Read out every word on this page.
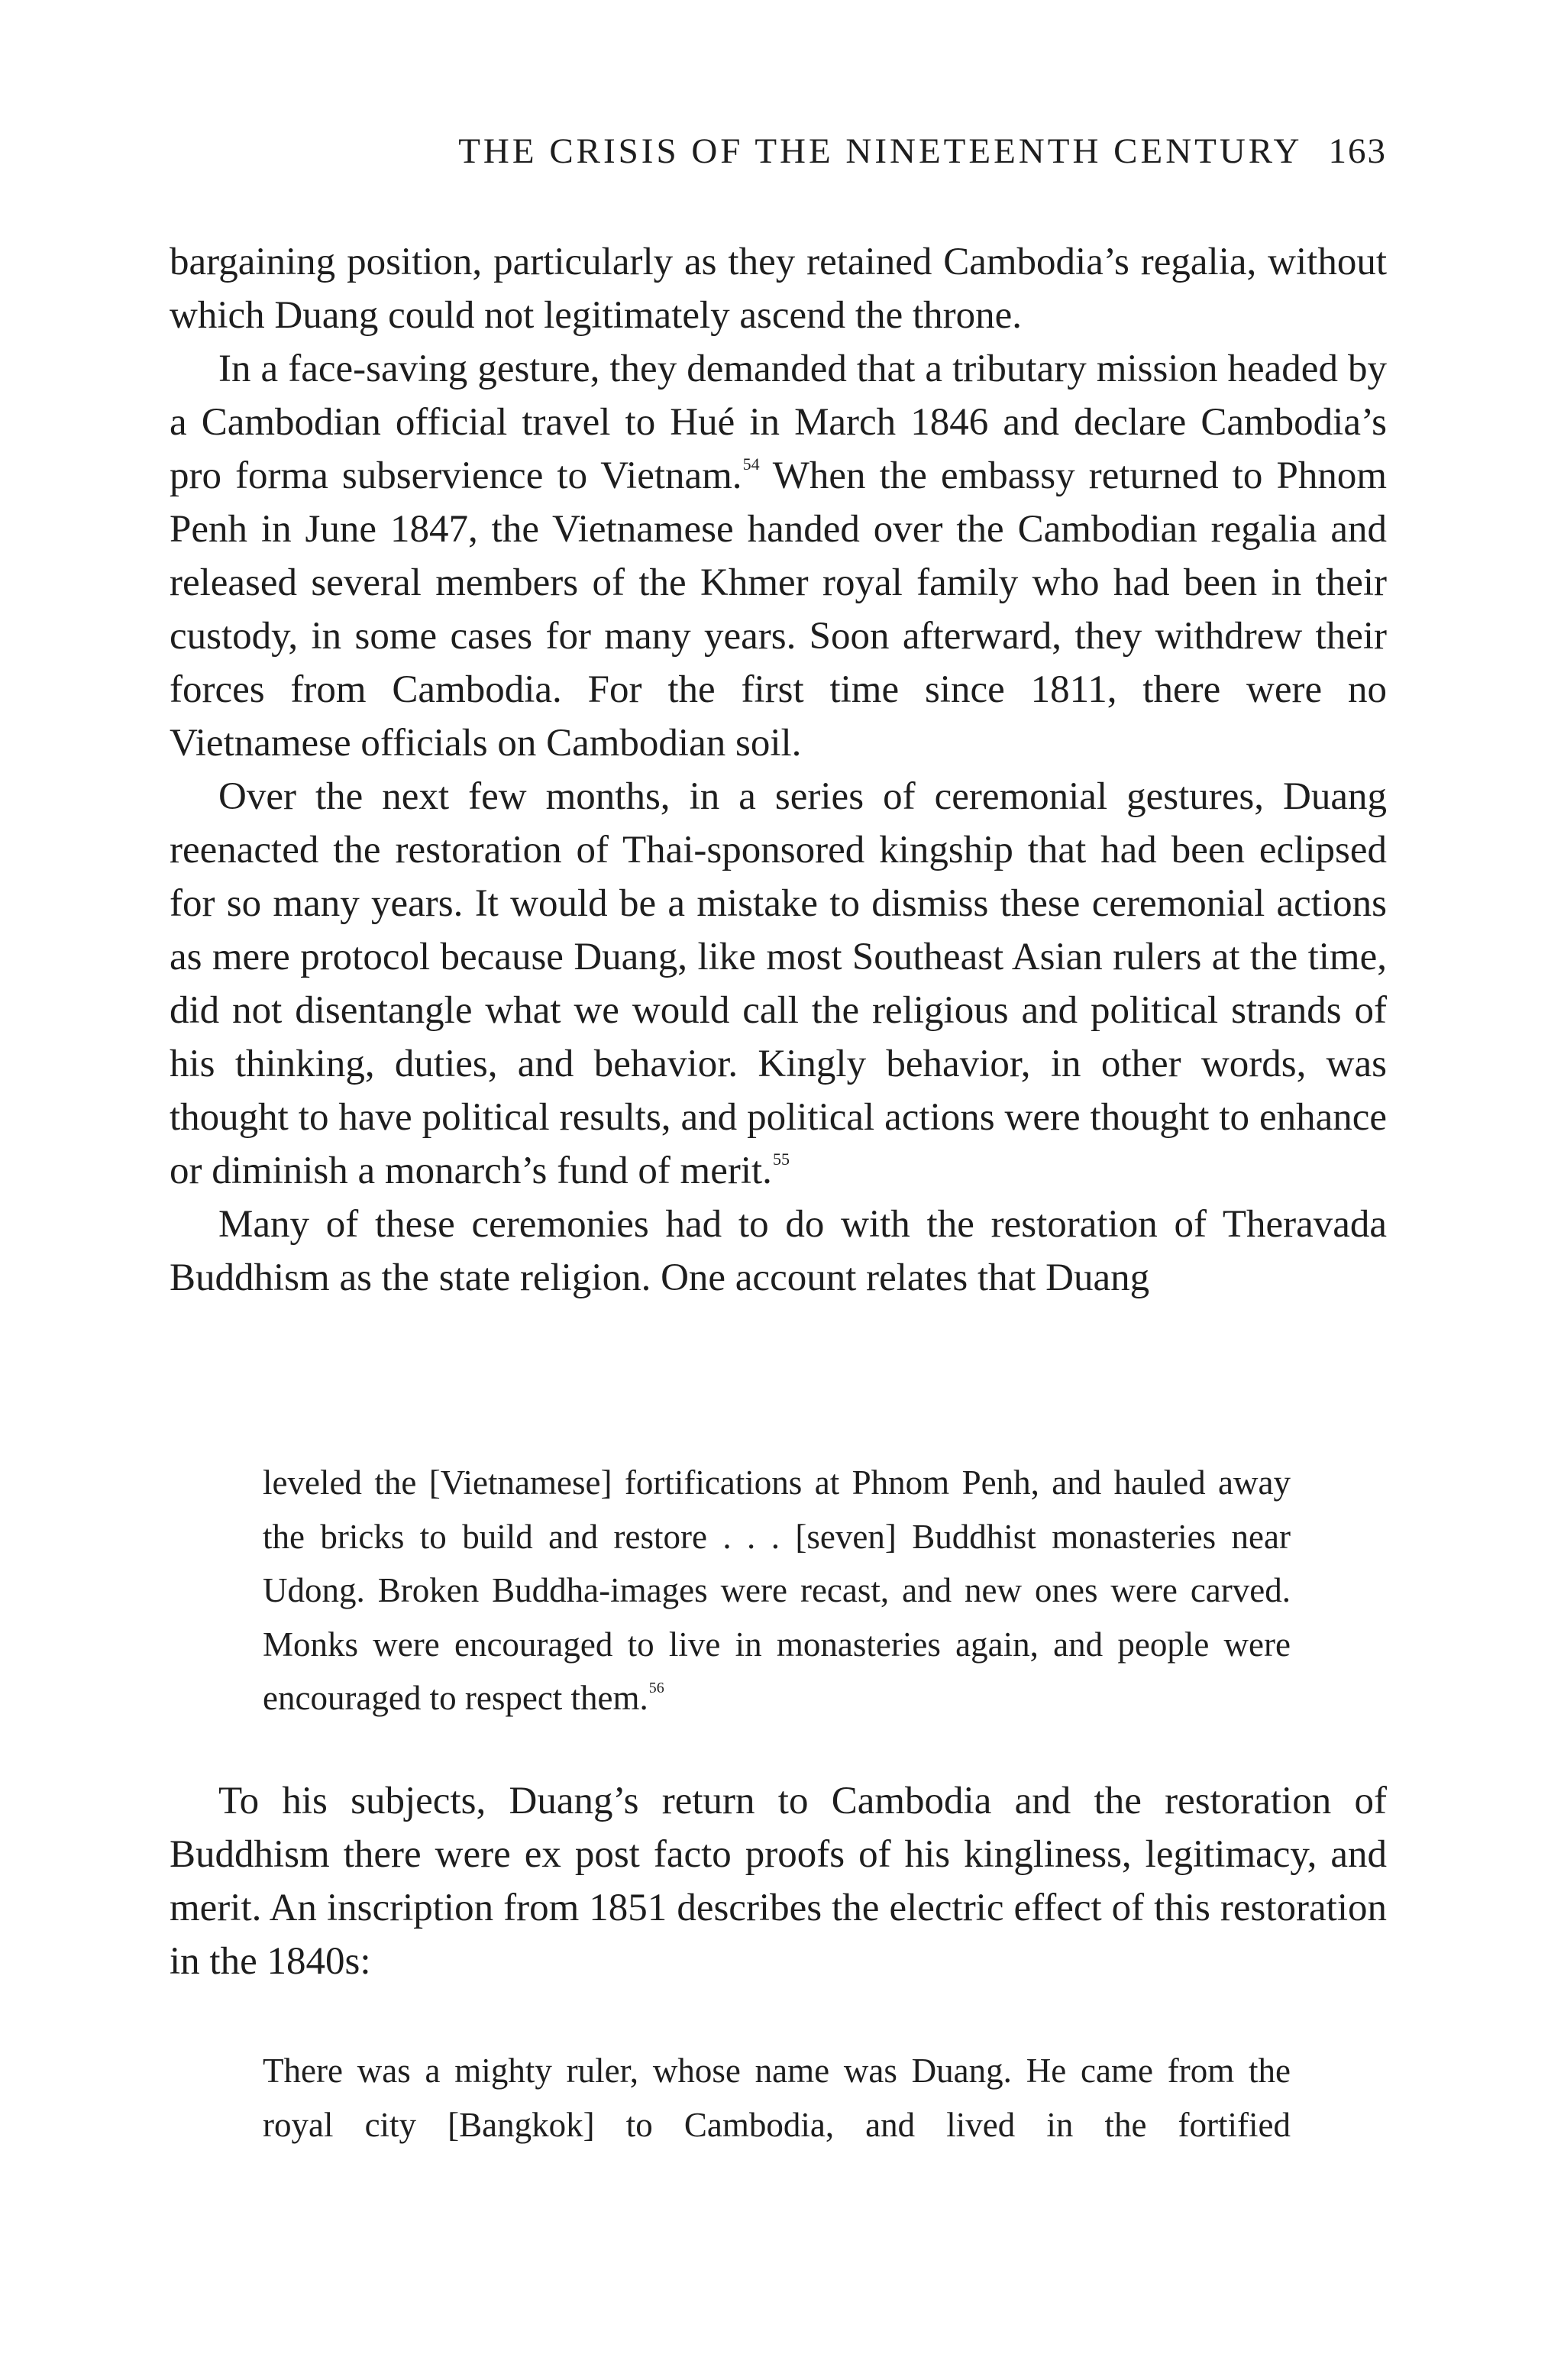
THE CRISIS OF THE NINETEENTH CENTURY 163

bargaining position, particularly as they retained Cambodia’s regalia, without which Duang could not legitimately ascend the throne.

In a face-saving gesture, they demanded that a tributary mission headed by a Cambodian official travel to Hué in March 1846 and declare Cambodia’s pro forma subservience to Vietnam.$^{54}$ When the embassy returned to Phnom Penh in June 1847, the Vietnamese handed over the Cambodian regalia and released several members of the Khmer royal family who had been in their custody, in some cases for many years. Soon afterward, they withdrew their forces from Cambodia. For the first time since 1811, there were no Vietnamese officials on Cambodian soil.

Over the next few months, in a series of ceremonial gestures, Duang reenacted the restoration of Thai-sponsored kingship that had been eclipsed for so many years. It would be a mistake to dismiss these ceremonial actions as mere protocol because Duang, like most Southeast Asian rulers at the time, did not disentangle what we would call the religious and political strands of his thinking, duties, and behavior. Kingly behavior, in other words, was thought to have political results, and political actions were thought to enhance or diminish a monarch’s fund of merit.$^{55}$

Many of these ceremonies had to do with the restoration of Theravada Buddhism as the state religion. One account relates that Duang

leveled the [Vietnamese] fortifications at Phnom Penh, and hauled away the bricks to build and restore . . . [seven] Buddhist monasteries near Udong. Broken Buddha-images were recast, and new ones were carved. Monks were encouraged to live in monasteries again, and people were encouraged to respect them.$^{56}$

To his subjects, Duang’s return to Cambodia and the restoration of Buddhism there were ex post facto proofs of his kingliness, legitimacy, and merit. An inscription from 1851 describes the electric effect of this restoration in the 1840s:

There was a mighty ruler, whose name was Duang. He came from the royal city [Bangkok] to Cambodia, and lived in the fortified
